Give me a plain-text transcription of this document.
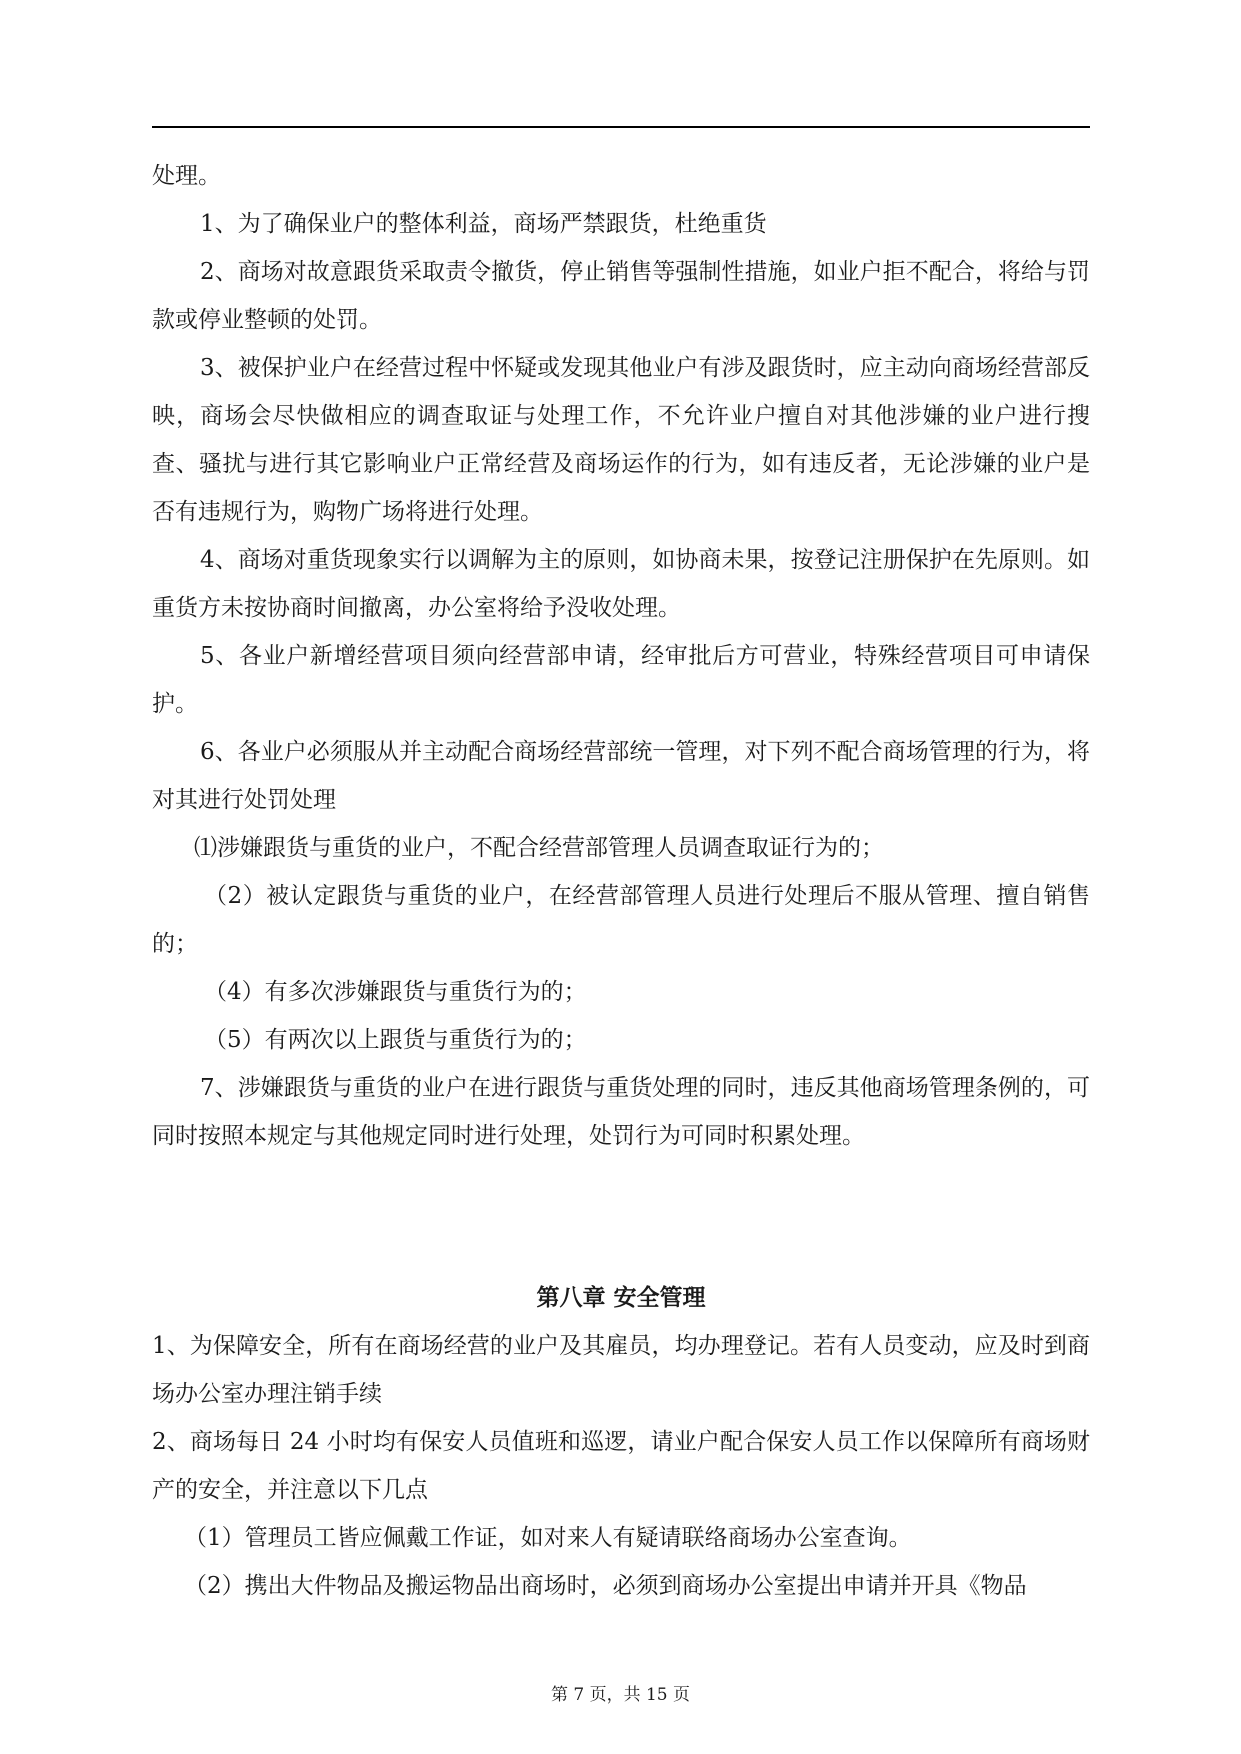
处理。

1、为了确保业户的整体利益，商场严禁跟货，杜绝重货

2、商场对故意跟货采取责令撤货，停止销售等强制性措施，如业户拒不配合，将给与罚款或停业整顿的处罚。

3、被保护业户在经营过程中怀疑或发现其他业户有涉及跟货时，应主动向商场经营部反映，商场会尽快做相应的调查取证与处理工作，不允许业户擅自对其他涉嫌的业户进行搜查、骚扰与进行其它影响业户正常经营及商场运作的行为，如有违反者，无论涉嫌的业户是否有违规行为，购物广场将进行处理。

4、商场对重货现象实行以调解为主的原则，如协商未果，按登记注册保护在先原则。如重货方未按协商时间撤离，办公室将给予没收处理。

5、各业户新增经营项目须向经营部申请，经审批后方可营业，特殊经营项目可申请保护。

6、各业户必须服从并主动配合商场经营部统一管理，对下列不配合商场管理的行为，将对其进行处罚处理

⑴涉嫌跟货与重货的业户，不配合经营部管理人员调查取证行为的；

（2）被认定跟货与重货的业户，在经营部管理人员进行处理后不服从管理、擅自销售的；

（4）有多次涉嫌跟货与重货行为的；

（5）有两次以上跟货与重货行为的；

7、涉嫌跟货与重货的业户在进行跟货与重货处理的同时，违反其他商场管理条例的，可同时按照本规定与其他规定同时进行处理，处罚行为可同时积累处理。

第八章 安全管理

1、为保障安全，所有在商场经营的业户及其雇员，均办理登记。若有人员变动，应及时到商场办公室办理注销手续

2、商场每日 24 小时均有保安人员值班和巡逻，请业户配合保安人员工作以保障所有商场财产的安全，并注意以下几点

（1）管理员工皆应佩戴工作证，如对来人有疑请联络商场办公室查询。

（2）携出大件物品及搬运物品出商场时，必须到商场办公室提出申请并开具《物品

第 7 页，共 15 页
